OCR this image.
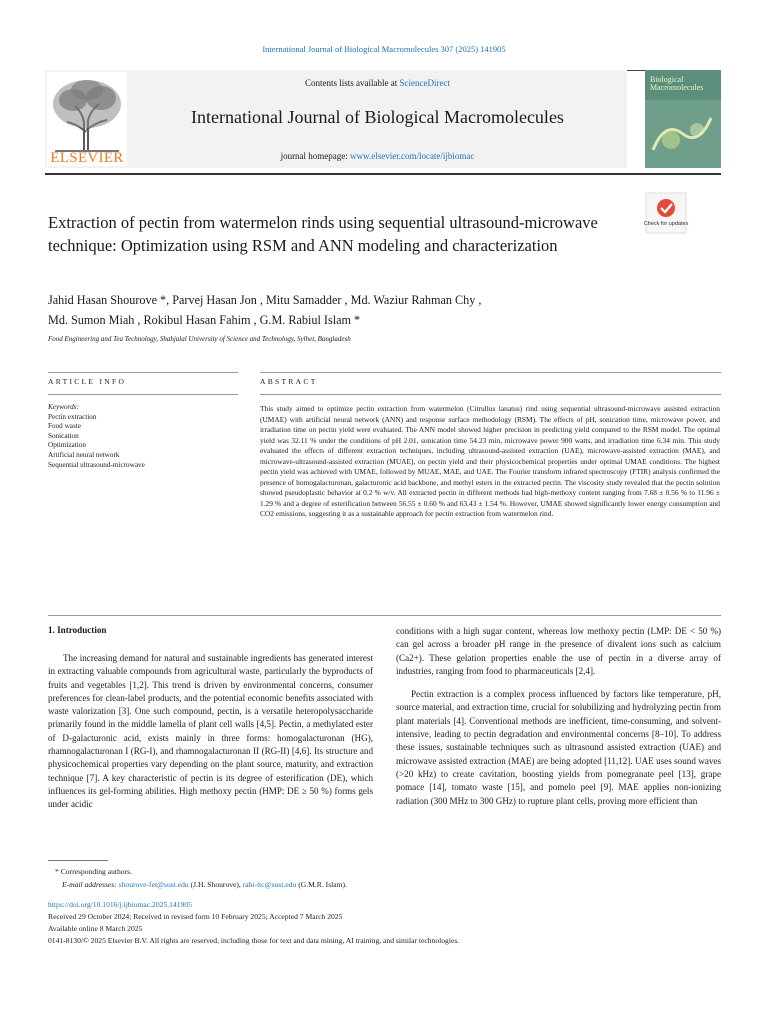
International Journal of Biological Macromolecules 307 (2025) 141905
ELSEVIER
Contents lists available at ScienceDirect
International Journal of Biological Macromolecules
journal homepage: www.elsevier.com/locate/ijbiomac
Biological Macromolecules
Extraction of pectin from watermelon rinds using sequential ultrasound-microwave technique: Optimization using RSM and ANN modeling and characterization
Check for updates
Jahid Hasan Shourove *, Parvej Hasan Jon , Mitu Samadder , Md. Waziur Rahman Chy ,
Md. Sumon Miah , Rokibul Hasan Fahim , G.M. Rabiul Islam *
Food Engineering and Tea Technology, Shahjalal University of Science and Technology, Sylhet, Bangladesh
ARTICLE INFO	ABSTRACT
Keywords:
Pectin extraction
Food waste
Sonication
Optimization
Artificial neural network
Sequential ultrasound-microwave
This study aimed to optimize pectin extraction from watermelon (Citrullus lanatus) rind using sequential ultrasound-microwave assisted extraction (UMAE) with artificial neural network (ANN) and response surface methodology (RSM). The effects of pH, sonication time, microwave power, and irradiation time on pectin yield were evaluated. The ANN model showed higher precision in predicting yield compared to the RSM model. The optimal yield was 32.11 % under the conditions of pH 2.01, sonication time 54.23 min, microwave power 900 watts, and irradiation time 6.34 min. This study evaluated the effects of different extraction techniques, including ultrasound-assisted extraction (UAE), microwave-assisted extraction (MAE), and microwave-ultrasound-assisted extraction (MUAE), on pectin yield and their physicochemical properties under optimal UMAE conditions. The highest pectin yield was achieved with UMAE, followed by MUAE, MAE, and UAE. The Fourier transform infrared spectroscopy (FTIR) analysis confirmed the presence of homogalacturonan, galacturonic acid backbone, and methyl esters in the extracted pectin. The viscosity study revealed that the pectin solution showed pseudoplastic behavior at 0.2 % w/v. All extracted pectin in different methods had high-methoxy content ranging from 7.68 ± 0.56 % to 11.96 ± 1.29 % and a degree of esterification between 56.55 ± 0.60 % and 63.43 ± 1.54 %. However, UMAE showed significantly lower energy consumption and CO2 emissions, suggesting it as a sustainable approach for pectin extraction from watermelon rind.
1. Introduction
The increasing demand for natural and sustainable ingredients has generated interest in extracting valuable compounds from agricultural waste, particularly the byproducts of fruits and vegetables [1,2]. This trend is driven by environmental concerns, consumer preferences for clean-label products, and the potential economic benefits associated with waste valorization [3]. One such compound, pectin, is a versatile heteropolysaccharide primarily found in the middle lamella of plant cell walls [4,5]. Pectin, a methylated ester of D-galacturonic acid, exists mainly in three forms: homogalacturonan (HG), rhamnogalacturonan I (RG-I), and rhamnogalacturonan II (RG-II) [4,6]. Its structure and physicochemical properties vary depending on the plant source, maturity, and extraction technique [7]. A key characteristic of pectin is its degree of esterification (DE), which influences its gel-forming abilities. High methoxy pectin (HMP: DE ≥ 50 %) forms gels under acidic

conditions with a high sugar content, whereas low methoxy pectin (LMP: DE < 50 %) can gel across a broader pH range in the presence of divalent ions such as calcium (Ca2+). These gelation properties enable the use of pectin in a diverse array of industries, ranging from food to pharmaceuticals [2,4].

Pectin extraction is a complex process influenced by factors like temperature, pH, source material, and extraction time, crucial for solubilizing and hydrolyzing pectin from plant materials [4]. Conventional methods are inefficient, time-consuming, and solvent-intensive, leading to pectin degradation and environmental concerns [8–10]. To address these issues, sustainable techniques such as ultrasound assisted extraction (UAE) and microwave assisted extraction (MAE) are being adopted [11,12]. UAE uses sound waves (>20 kHz) to create cavitation, boosting yields from pomegranate peel [13], grape pomace [14], tomato waste [15], and pomelo peel [9]. MAE applies non-ionizing radiation (300 MHz to 300 GHz) to rupture plant cells, proving more efficient than

* Corresponding authors.
E-mail addresses: shourove-fet@sust.edu (J.H. Shourove), rabi-ttc@sust.edu (G.M.R. Islam).
https://doi.org/10.1016/j.ijbiomac.2025.141905
Received 29 October 2024; Received in revised form 10 February 2025; Accepted 7 March 2025
Available online 8 March 2025
0141-8130/© 2025 Elsevier B.V. All rights are reserved, including those for text and data mining, AI training, and similar technologies.
